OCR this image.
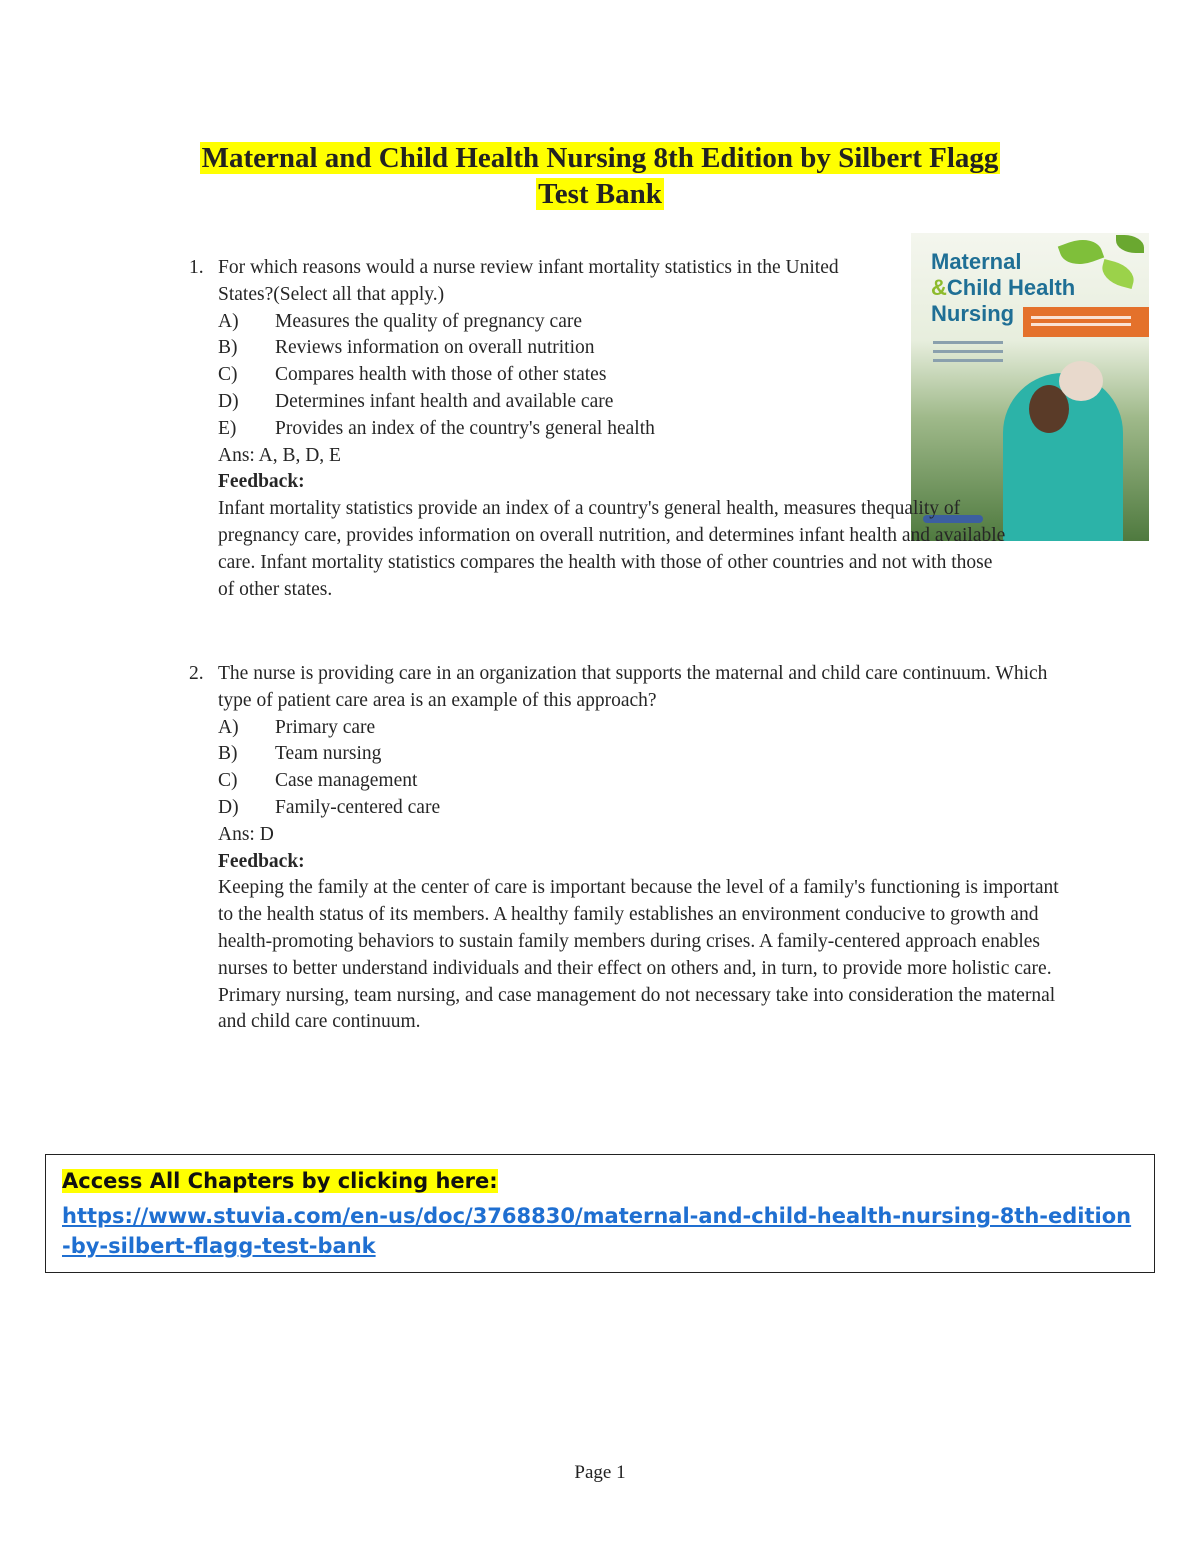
Maternal and Child Health Nursing 8th Edition by Silbert Flagg
Test Bank
Maternal
&Child Health
Nursing
1. For which reasons would a nurse review infant mortality statistics in the United States?(Select all that apply.)
A)	Measures the quality of pregnancy care
B)	Reviews information on overall nutrition
C)	Compares health with those of other states
D)	Determines infant health and available care
E)	Provides an index of the country's general health
Ans: A, B, D, E
Feedback:
Infant mortality statistics provide an index of a country's general health, measures thequality of pregnancy care, provides information on overall nutrition, and determines infant health and available care. Infant mortality statistics compares the health with those of other countries and not with those of other states.
2. The nurse is providing care in an organization that supports the maternal and child care continuum. Which type of patient care area is an example of this approach?
A)	Primary care
B)	Team nursing
C)	Case management
D)	Family-centered care
Ans: D
Feedback:
Keeping the family at the center of care is important because the level of a family's functioning is important to the health status of its members. A healthy family establishes an environment conducive to growth and health-promoting behaviors to sustain family members during crises. A family-centered approach enables nurses to better understand individuals and their effect on others and, in turn, to provide more holistic care. Primary nursing, team nursing, and case management do not necessary take into consideration the maternal and child care continuum.
Access All Chapters by clicking here:
https://www.stuvia.com/en-us/doc/3768830/maternal-and-child-health-nursing-8th-edition-by-silbert-flagg-test-bank
Page 1
